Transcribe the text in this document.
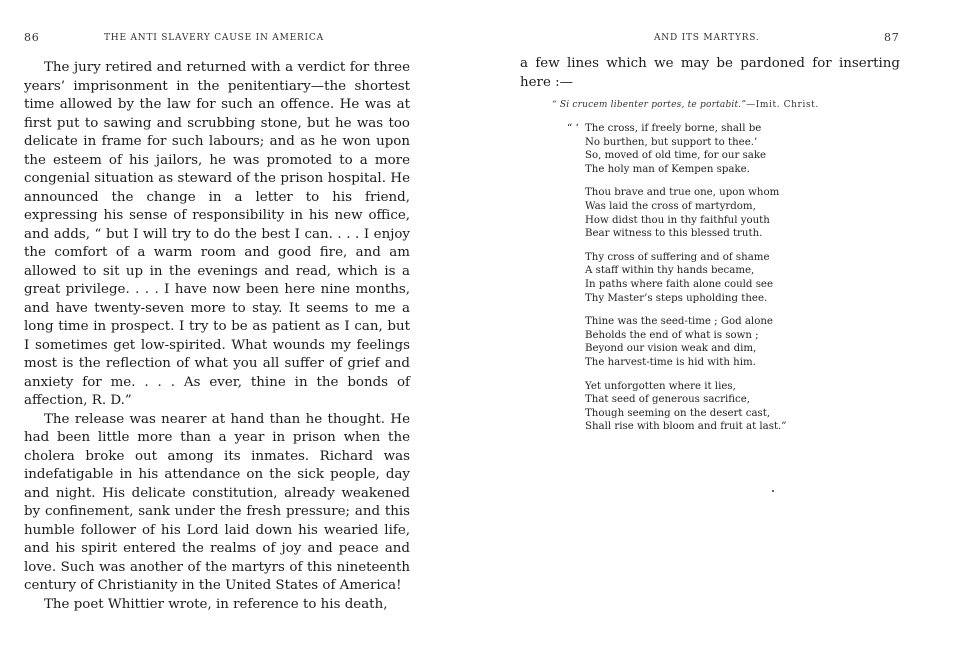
86	THE ANTI SLAVERY CAUSE IN AMERICA

The jury retired and returned with a verdict for three years’ imprisonment in the penitentiary—the shortest time allowed by the law for such an offence. He was at first put to sawing and scrubbing stone, but he was too delicate in frame for such labours; and as he won upon the esteem of his jailors, he was promoted to a more congenial situation as steward of the prison hospital. He announced the change in a letter to his friend, expressing his sense of responsibility in his new office, and adds, “ but I will try to do the best I can. . . . I enjoy the comfort of a warm room and good fire, and am allowed to sit up in the evenings and read, which is a great privilege. . . . I have now been here nine months, and have twenty-seven more to stay. It seems to me a long time in prospect. I try to be as patient as I can, but I sometimes get low-spirited. What wounds my feelings most is the reflection of what you all suffer of grief and anxiety for me. . . . As ever, thine in the bonds of affection, R. D.”

The release was nearer at hand than he thought. He had been little more than a year in prison when the cholera broke out among its inmates. Richard was indefatigable in his attendance on the sick people, day and night. His delicate constitution, already weakened by confinement, sank under the fresh pressure; and this humble follower of his Lord laid down his wearied life, and his spirit entered the realms of joy and peace and love. Such was another of the martyrs of this nineteenth century of Christianity in the United States of America!

The poet Whittier wrote, in reference to his death,

AND ITS MARTYRS.	87

a few lines which we may be pardoned for inserting here :—

“ Si crucem libenter portes, te portabit.”—Imit. Christ.
“ ‘ The cross, if freely borne, shall be
No burthen, but support to thee.’
So, moved of old time, for our sake
The holy man of Kempen spake.
Thou brave and true one, upon whom
Was laid the cross of martyrdom,
How didst thou in thy faithful youth
Bear witness to this blessed truth.
Thy cross of suffering and of shame
A staff within thy hands became,
In paths where faith alone could see
Thy Master’s steps upholding thee.
Thine was the seed-time ; God alone
Beholds the end of what is sown ;
Beyond our vision weak and dim,
The harvest-time is hid with him.
Yet unforgotten where it lies,
That seed of generous sacrifice,
Though seeming on the desert cast,
Shall rise with bloom and fruit at last.”
